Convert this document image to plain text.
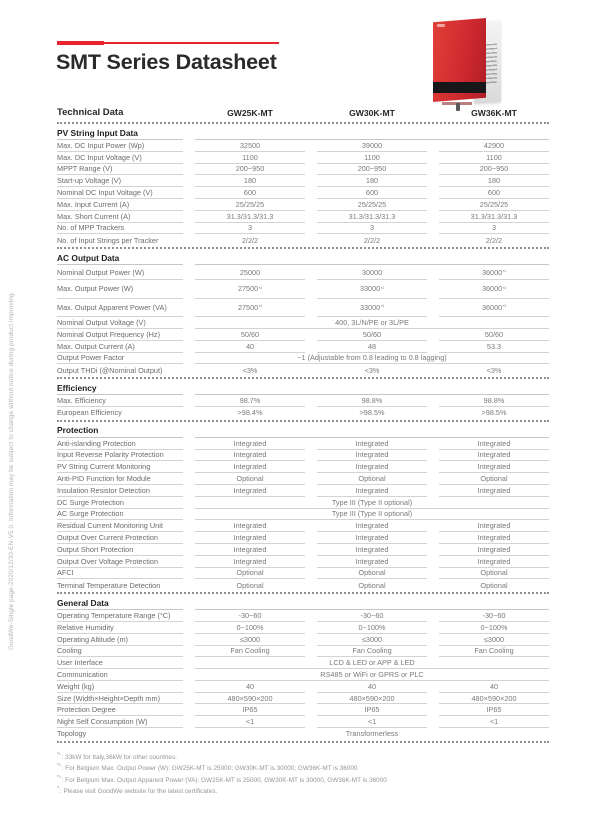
GoodWe-Single page-2020/12/30-EN-V5.0. Information may be subject to change without notice during product improving.
SMT Series Datasheet
Technical Data	GW25K-MT	GW30K-MT	GW36K-MT
PV String Input Data
Max. DC Input Power (Wp)	32500	39000	42900
Max. DC Input Voltage (V)	1100	1100	1100
MPPT Range (V)	200~950	200~950	200~950
Start-up Voltage (V)	180	180	180
Nominal DC Input Voltage (V)	600	600	600
Max. Input Current (A)	25/25/25	25/25/25	25/25/25
Max. Short Current (A)	31.3/31.3/31.3	31.3/31.3/31.3	31.3/31.3/31.3
No. of MPP Trackers	3	3	3
No. of Input Strings per Tracker	2/2/2	2/2/2	2/2/2
AC Output Data
Nominal Output Power (W)	25000	30000	36000 *¹
Max. Output Power (W)	27500 *²	33000 *²	36000 *²
Max. Output Apparent Power (VA)	27500 *³	33000 *³	36000 *³
Nominal Output Voltage (V)	400, 3L/N/PE or 3L/PE
Nominal Output Frequency (Hz)	50/60	50/60	50/60
Max. Output Current (A)	40	48	53.3
Output Power Factor	~1 (Adjustable from 0.8 leading to 0.8 lagging)
Output THDi (@Nominal Output)	<3%	<3%	<3%
Efficiency
Max. Efficiency	98.7%	98.8%	98.8%
European Efficiency	>98.4%	>98.5%	>98.5%
Protection
Anti-islanding Protection	Integrated	Integrated	Integrated
Input Reverse Polarity Protection	Integrated	Integrated	Integrated
PV String Current Monitoring	Integrated	Integrated	Integrated
Anti-PID Function for Module	Optional	Optional	Optional
Insulation Resistor Detection	Integrated	Integrated	Integrated
DC Surge Protection	Type III (Type II optional)
AC Surge Protection	Type III (Type II optional)
Residual Current Monitoring Unit	Integrated	Integrated	Integrated
Output Over Current Protection	Integrated	Integrated	Integrated
Output Short Protection	Integrated	Integrated	Integrated
Output Over Voltage Protection	Integrated	Integrated	Integrated
AFCI	Optional	Optional	Optional
Terminal Temperature Detection	Optional	Optional	Optional
General Data
Operating Temperature Range (°C)	-30~60	-30~60	-30~60
Relative Humidity	0~100%	0~100%	0~100%
Operating Altitude (m)	≤3000	≤3000	≤3000
Cooling	Fan Cooling	Fan Cooling	Fan Cooling
User Interface	LCD & LED or APP & LED
Communication	RS485 or WiFi or GPRS or PLC
Weight (kg)	40	40	40
Size (Width×Height×Depth mm)	480×590×200	480×590×200	480×590×200
Protection Degree	IP65	IP65	IP65
Night Self Consumption (W)	<1	<1	<1
Topology	Transformerless
$^{*^1}$: 33kW for Italy,36kW for other countries.
$^{*^2}$: For Belgium Max. Output Power (W): GW25K-MT is 25000; GW30K-MT is 30000; GW36K-MT is 36000
$^{*^3}$: For Belgium Max. Output Apparent Power (VA): GW25K-MT is 25000, GW30K-MT is 30000, GW36K-MT is 36000
*: Please visit GoodWe website for the latest certificates.
